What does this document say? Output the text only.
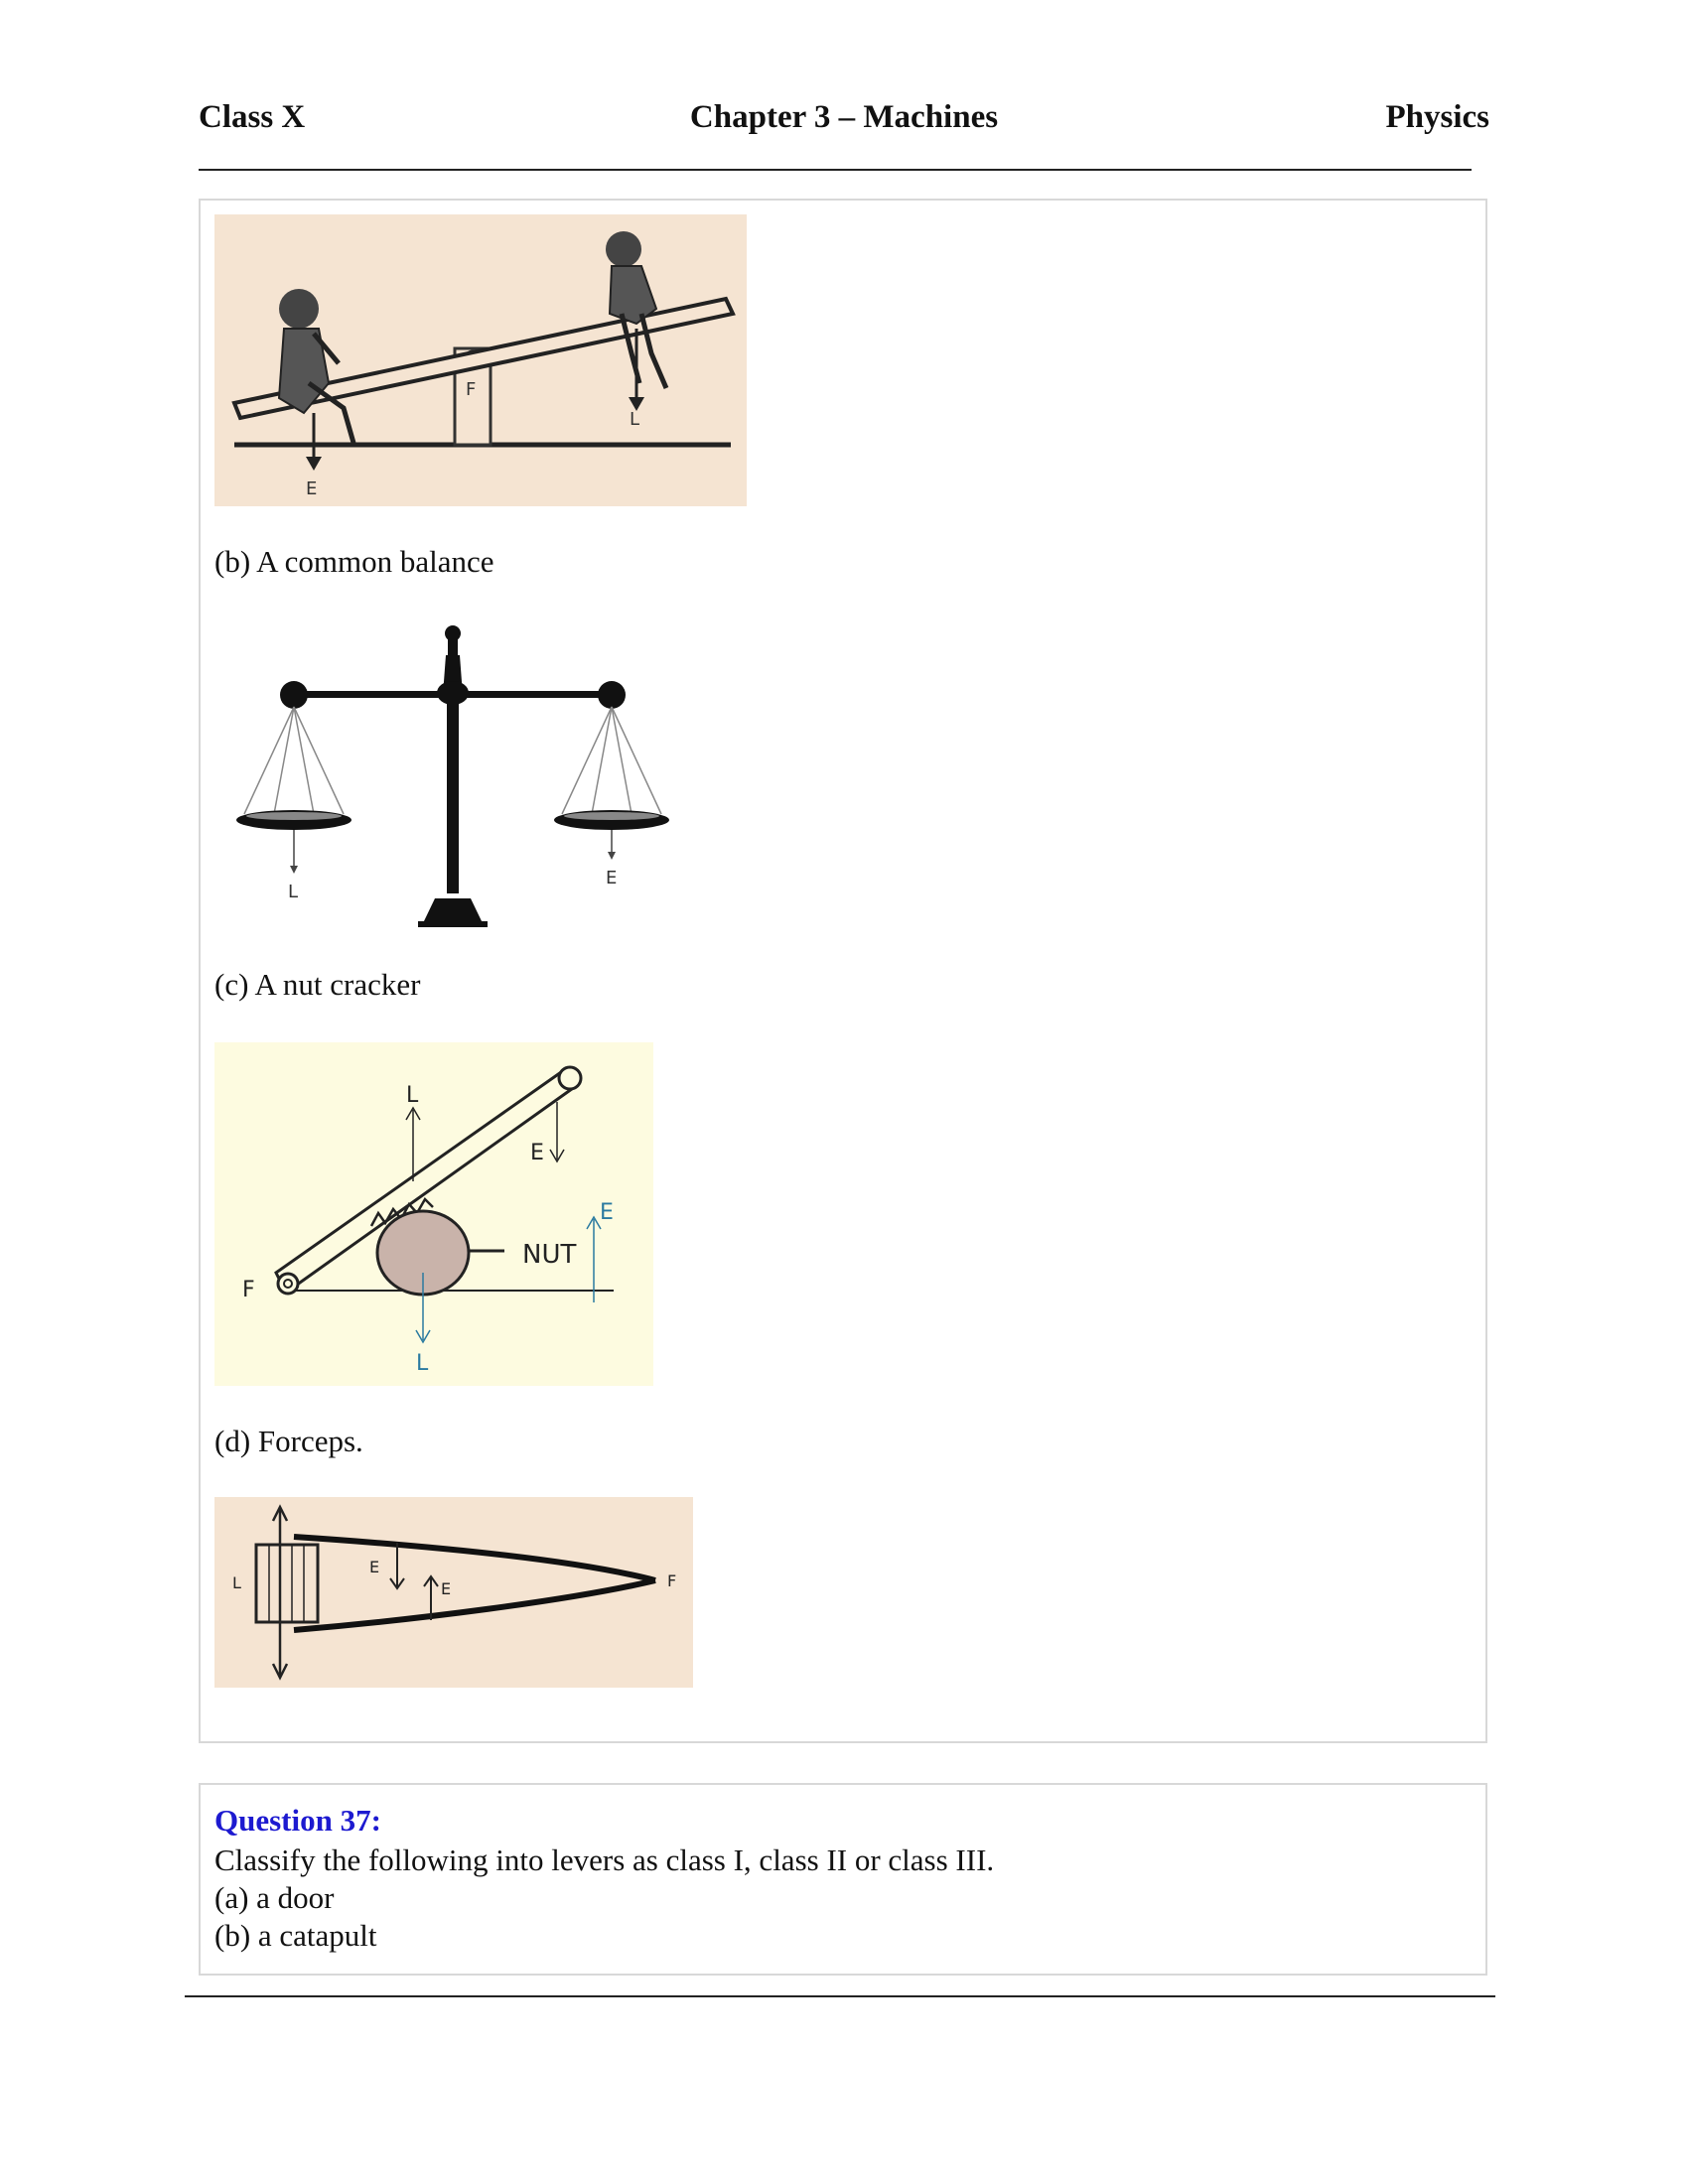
Class X	Chapter 3 – Machines	Physics
F
E
L
(b) A common balance
L
E
(c) A nut cracker
NUT
F
L
E
E
L
(d) Forceps.
L	F
E
E
Question 37:
Classify the following into levers as class I, class II or class III.
(a) a door
(b) a catapult
